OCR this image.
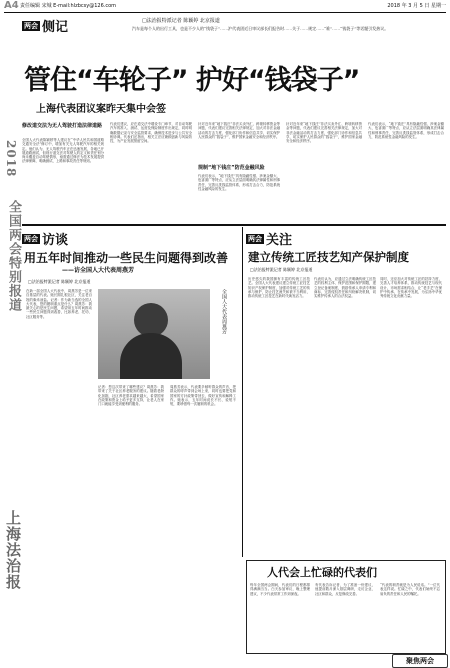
A4 责任编辑 宋城 E-mail:hlzbcsy@126.com	2018 年 3 月 5 日 星期一
2018
全国两会特别报道
上海法治报
两会 侧记	□法治报特派记者 陈颖婷 北京报道
汽车是每个人的出行工具，也是不少人的“钱袋子”……沪代表团近日审议部长们报告时……关于……规定……“谁”……“钱袋子”等话题引发热议。
管住“车轮子” 护好“钱袋子”
上海代表团议案昨天集中会签
修改道交法为无人驾驶打造法律道路
全国人大代表陈颖婷等人建议在“中华人民共和国道路交通安全法”修订中，增加有关无人驾驶汽车的相关规定。他们认为，无人驾驶汽车正在迅速发展，各地已开展道路测试，但现行道交法对驾驶人的定义和责任划分尚未覆盖自动驾驶情形，亟需通过修法为技术发展提供法律保障，明确测试、上路和事故责任等规则。
代表们建议，应在道交法中增设专门章节，对自动驾驶汽车的准入、测试、运营及保险制度作出规定，同时明确数据记录与安全监管要求，确保技术进步与公共安全相协调。代表们还指出，相关立法应兼顾创新与风险防控，为产业发展预留空间。
规制“地下钱庄”防范金融风险
针对近年来“地下钱庄”非法买卖外汇、跨境转移资金等问题，代表们建议完善相关法律规定，加大对非法金融活动的打击力度，强化部门协作和信息共享，切实保护人民群众的“钱袋子”，维护国家金融安全和经济秩序。
代表们表示，“地下钱庄”具有隐蔽性强、涉案金额大、危害面广等特点，应从立法层面明确其法律属性和刑事责任，完善反洗钱监管体系，形成打击合力，防范系统性金融风险的发生。
针对近年来“地下钱庄”非法买卖外汇、跨境转移资金等问题，代表们建议完善相关法律规定，加大对非法金融活动的打击力度，强化部门协作和信息共享，切实保护人民群众的“钱袋子”，维护国家金融安全和经济秩序。
代表们表示，“地下钱庄”具有隐蔽性强、涉案金额大、危害面广等特点，应从立法层面明确其法律属性和刑事责任，完善反洗钱监管体系，形成打击合力，防范系统性金融风险的发生。
两会 访谈
用五年时间推动一些民生问题得到改善
——访全国人大代表周燕芳
□法治报特派记者 陈颖婷 北京报道
在新一届全国人大代表中，周燕芳是一位来自基层的代表。她长期扎根社区，关注老百姓的柴米油盐。记者：作为新当选的全国人大代表，您的履职重点是什么？周燕芳：我最关心的是民生问题，希望用五年时间推动一些民生问题得到改善，比如养老、托幼、社区服务等。	全国人大代表周燕芳
记者：您这次带来了哪些建议？周燕芳：我带来了关于社区养老服务的建议。随着老龄化加剧，社区养老需求越来越大，希望国家在政策和资金上给予更多支持，让老人在家门口就能享受到便利的服务。
周燕芳表示，代表要多倾听群众的声音，把群众的呼声带到会场上来，同时也要把党和国家的方针政策带回去，做好宣传和解释工作。她表示，五年时间说长不长、说短不短，要珍惜每一次履职的机会。
两会 关注
建立传统工匠技艺知产保护制度
□法治报特派记者 陈颖婷 北京报道
历史悠久的我国拥有丰富的传统工匠技艺。全国人大代表建议建立传统工匠技艺知识产权保护制度，加强对传统工艺的传承与保护，防止技艺流失和被不当利用，推动传统工匠技艺在新时代焕发活力。
代表们认为，应通过立法明确传统工匠技艺的权利主体、保护范围和保护期限，建立登记备案制度，鼓励传承人申请专利和商标，完善侵权责任和纠纷解决机制，切实维护传承人的合法权益。
同时，还应加大对传统工匠的扶持力度，完善人才培养体系，推动传统技艺与现代设计、市场需求相结合，让“老手艺”在保护中传承、在传承中发展，为弘扬中华优秀传统文化贡献力量。
人代会上忙碌的代表们
每年全国两会期间，代表们的日程都排得满满当当。白天参加审议，晚上整理建议，不少代表常常工作到深夜。
有代表告诉记者，为了准备一份建议，他提前数月深入基层调研，走访企业、社区和群众，反复修改完善。
“代表的职责就是为人民说话。”一位代表这样说。忙碌之中，代表们始终不忘肩负的责任和人民的嘱托。
聚焦两会
